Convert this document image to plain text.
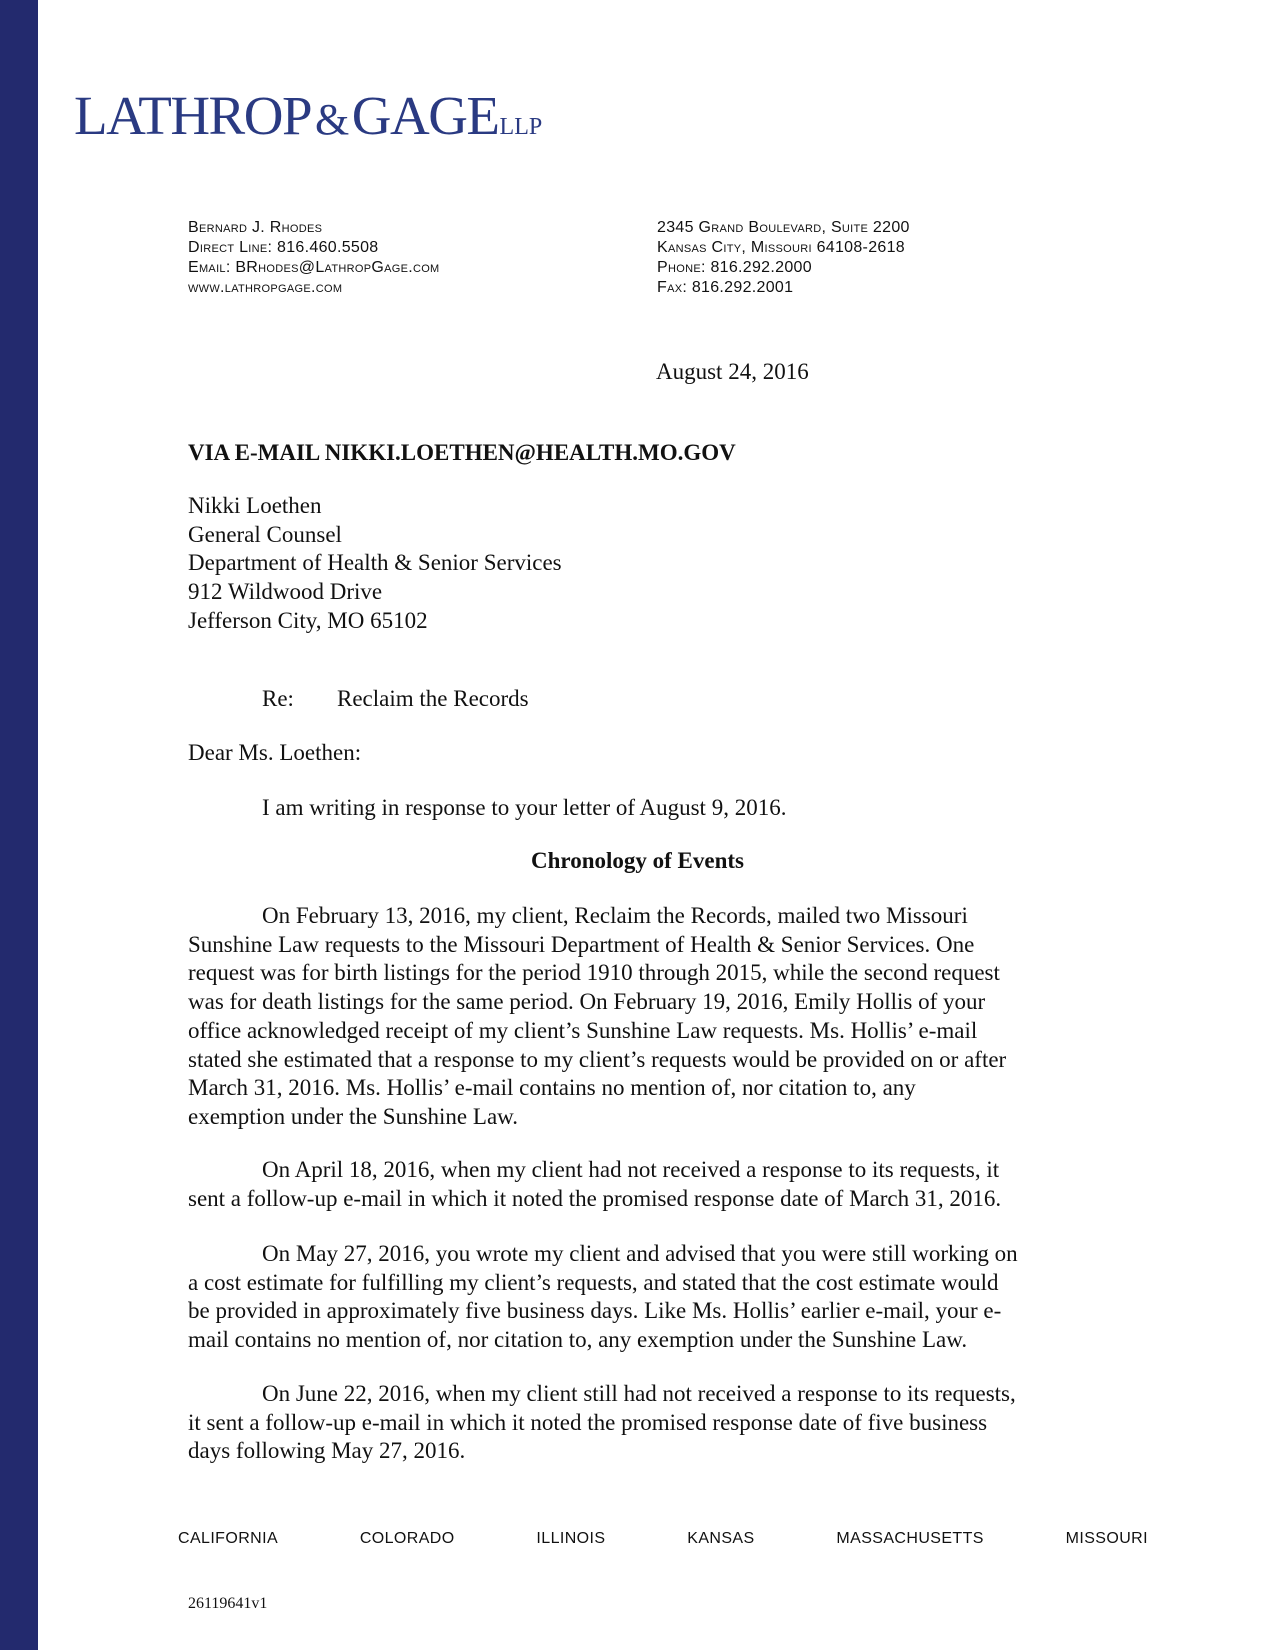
LATHROP&GAGELLP
Bernard J. Rhodes
Direct Line: 816.460.5508
Email: BRhodes@LathropGage.com
www.lathropgage.com
2345 Grand Boulevard, Suite 2200
Kansas City, Missouri 64108-2618
Phone: 816.292.2000
Fax: 816.292.2001
August 24, 2016
VIA E-MAIL NIKKI.LOETHEN@HEALTH.MO.GOV
Nikki Loethen
General Counsel
Department of Health & Senior Services
912 Wildwood Drive
Jefferson City, MO 65102
Re: Reclaim the Records
Dear Ms. Loethen:
I am writing in response to your letter of August 9, 2016.
Chronology of Events

On February 13, 2016, my client, Reclaim the Records, mailed two Missouri

Sunshine Law requests to the Missouri Department of Health & Senior Services. One

request was for birth listings for the period 1910 through 2015, while the second request

was for death listings for the same period. On February 19, 2016, Emily Hollis of your

office acknowledged receipt of my client’s Sunshine Law requests. Ms. Hollis’ e-mail

stated she estimated that a response to my client’s requests would be provided on or after

March 31, 2016. Ms. Hollis’ e-mail contains no mention of, nor citation to, any

exemption under the Sunshine Law.

On April 18, 2016, when my client had not received a response to its requests, it

sent a follow-up e-mail in which it noted the promised response date of March 31, 2016.

On May 27, 2016, you wrote my client and advised that you were still working on

a cost estimate for fulfilling my client’s requests, and stated that the cost estimate would

be provided in approximately five business days. Like Ms. Hollis’ earlier e-mail, your e-

mail contains no mention of, nor citation to, any exemption under the Sunshine Law.

On June 22, 2016, when my client still had not received a response to its requests,

it sent a follow-up e-mail in which it noted the promised response date of five business

days following May 27, 2016.

CALIFORNIA	COLORADO	ILLINOIS	KANSAS	MASSACHUSETTS	MISSOURI
26119641v1
